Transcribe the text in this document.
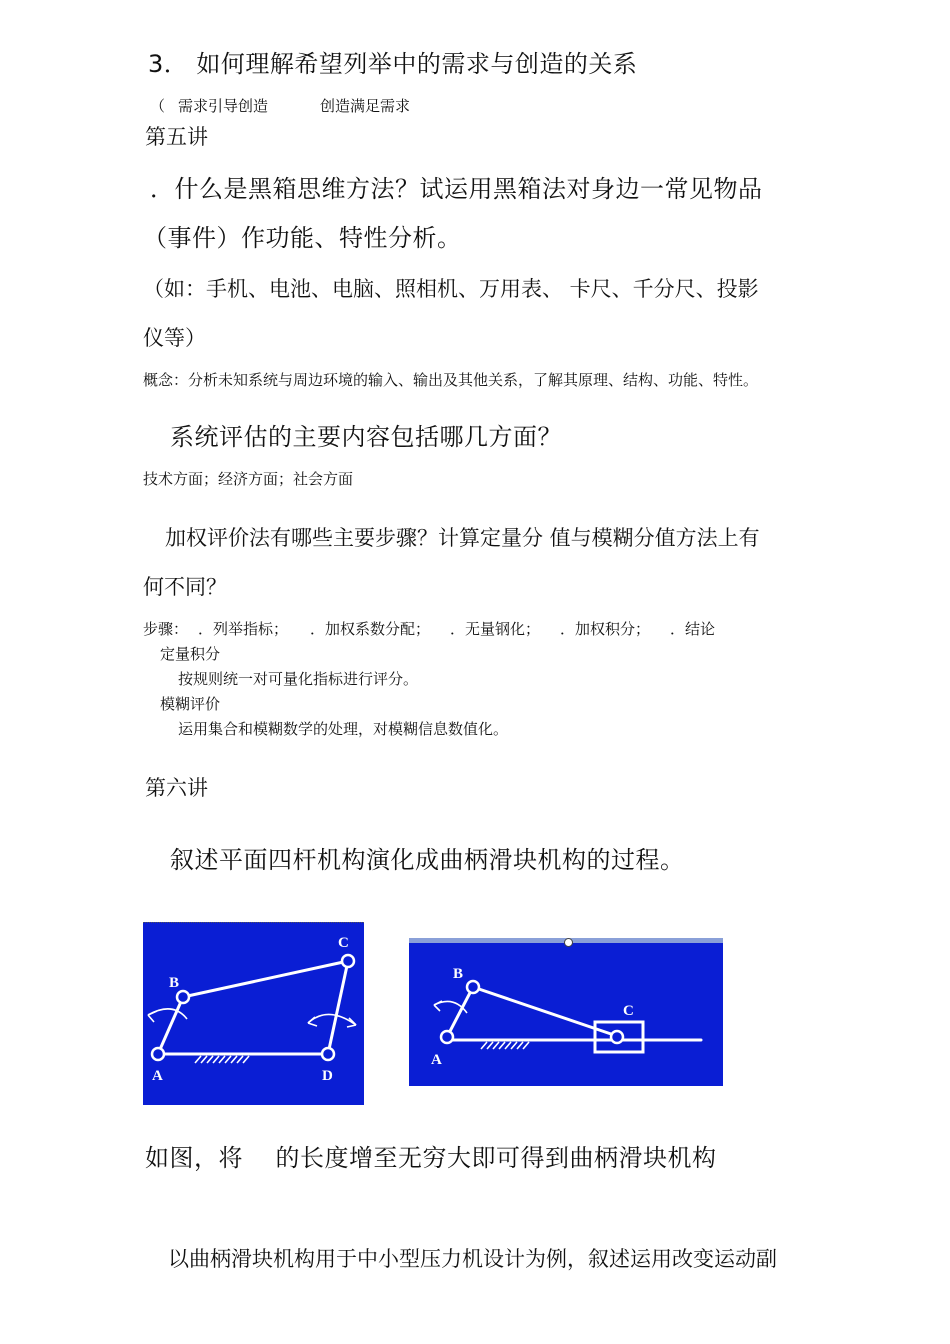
3． 如何理解希望列举中的需求与创造的关系

（ 需求引导创造	创造满足需求

第五讲

．什么是黑箱思维方法？试运用黑箱法对身边一常见物品

（事件）作功能、特性分析。

（如：手机、电池、电脑、照相机、万用表、 卡尺、千分尺、投影

仪等）

概念：分析未知系统与周边环境的输入、输出及其他关系，了解其原理、结构、功能、特性。

系统评估的主要内容包括哪几方面？

技术方面；经济方面；社会方面

加权评价法有哪些主要步骤？计算定量分 值与模糊分值方法上有

何不同？

步骤： ．列举指标； ．加权系数分配； ．无量钢化； ．加权积分； ．结论

定量积分

按规则统一对可量化指标进行评分。

模糊评价

运用集合和模糊数学的处理，对模糊信息数值化。

第六讲

叙述平面四杆机构演化成曲柄滑块机构的过程。

A
B
C
D
A
B
C

如图，将    的长度增至无穷大即可得到曲柄滑块机构

以曲柄滑块机构用于中小型压力机设计为例，叙述运用改变运动副
